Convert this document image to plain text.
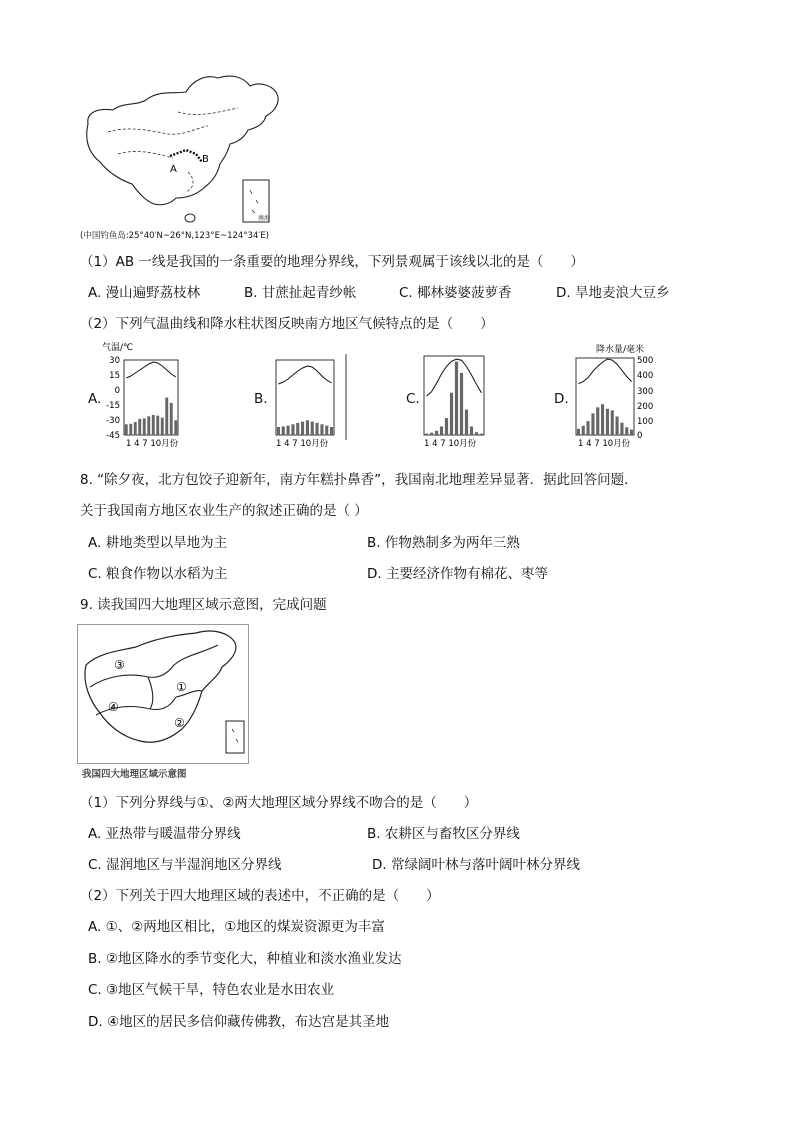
A
B
南海
(中国钓鱼岛:25°40′N~26°N,123°E~124°34′E)
（1）AB 一线是我国的一条重要的地理分界线，下列景观属于该线以北的是（　　）
A. 漫山遍野荔枝林	B. 甘蔗扯起青纱帐	C. 椰林婆婆菠萝香	D. 旱地麦浪大豆乡
（2）下列气温曲线和降水柱状图反映南方地区气候特点的是（　　）
A.	B.	C.	D.
气温/℃
30
15
0
-15
-30
-45
1 4 7 10月份	1 4 7 10月份	1 4 7 10月份
降水量/毫米
500
400
300
200
100
0
1 4 7 10月份
8. “除夕夜，北方包饺子迎新年，南方年糕扑鼻香”，我国南北地理差异显著．据此回答问题．
关于我国南方地区农业生产的叙述正确的是（ ）
A. 耕地类型以旱地为主	B. 作物熟制多为两年三熟
C. 粮食作物以水稻为主	D. 主要经济作物有棉花、枣等
9. 读我国四大地理区域示意图，完成问题
①
②
③
④
我国四大地理区域示意图
（1）下列分界线与①、②两大地理区域分界线不吻合的是（　　）
A. 亚热带与暖温带分界线	B. 农耕区与畜牧区分界线
C. 湿润地区与半湿润地区分界线	D. 常绿阔叶林与落叶阔叶林分界线
（2）下列关于四大地理区域的表述中，不正确的是（　　）
A. ①、②两地区相比，①地区的煤炭资源更为丰富
B. ②地区降水的季节变化大，种植业和淡水渔业发达
C. ③地区气候干旱，特色农业是水田农业
D. ④地区的居民多信仰藏传佛教，布达宫是其圣地
